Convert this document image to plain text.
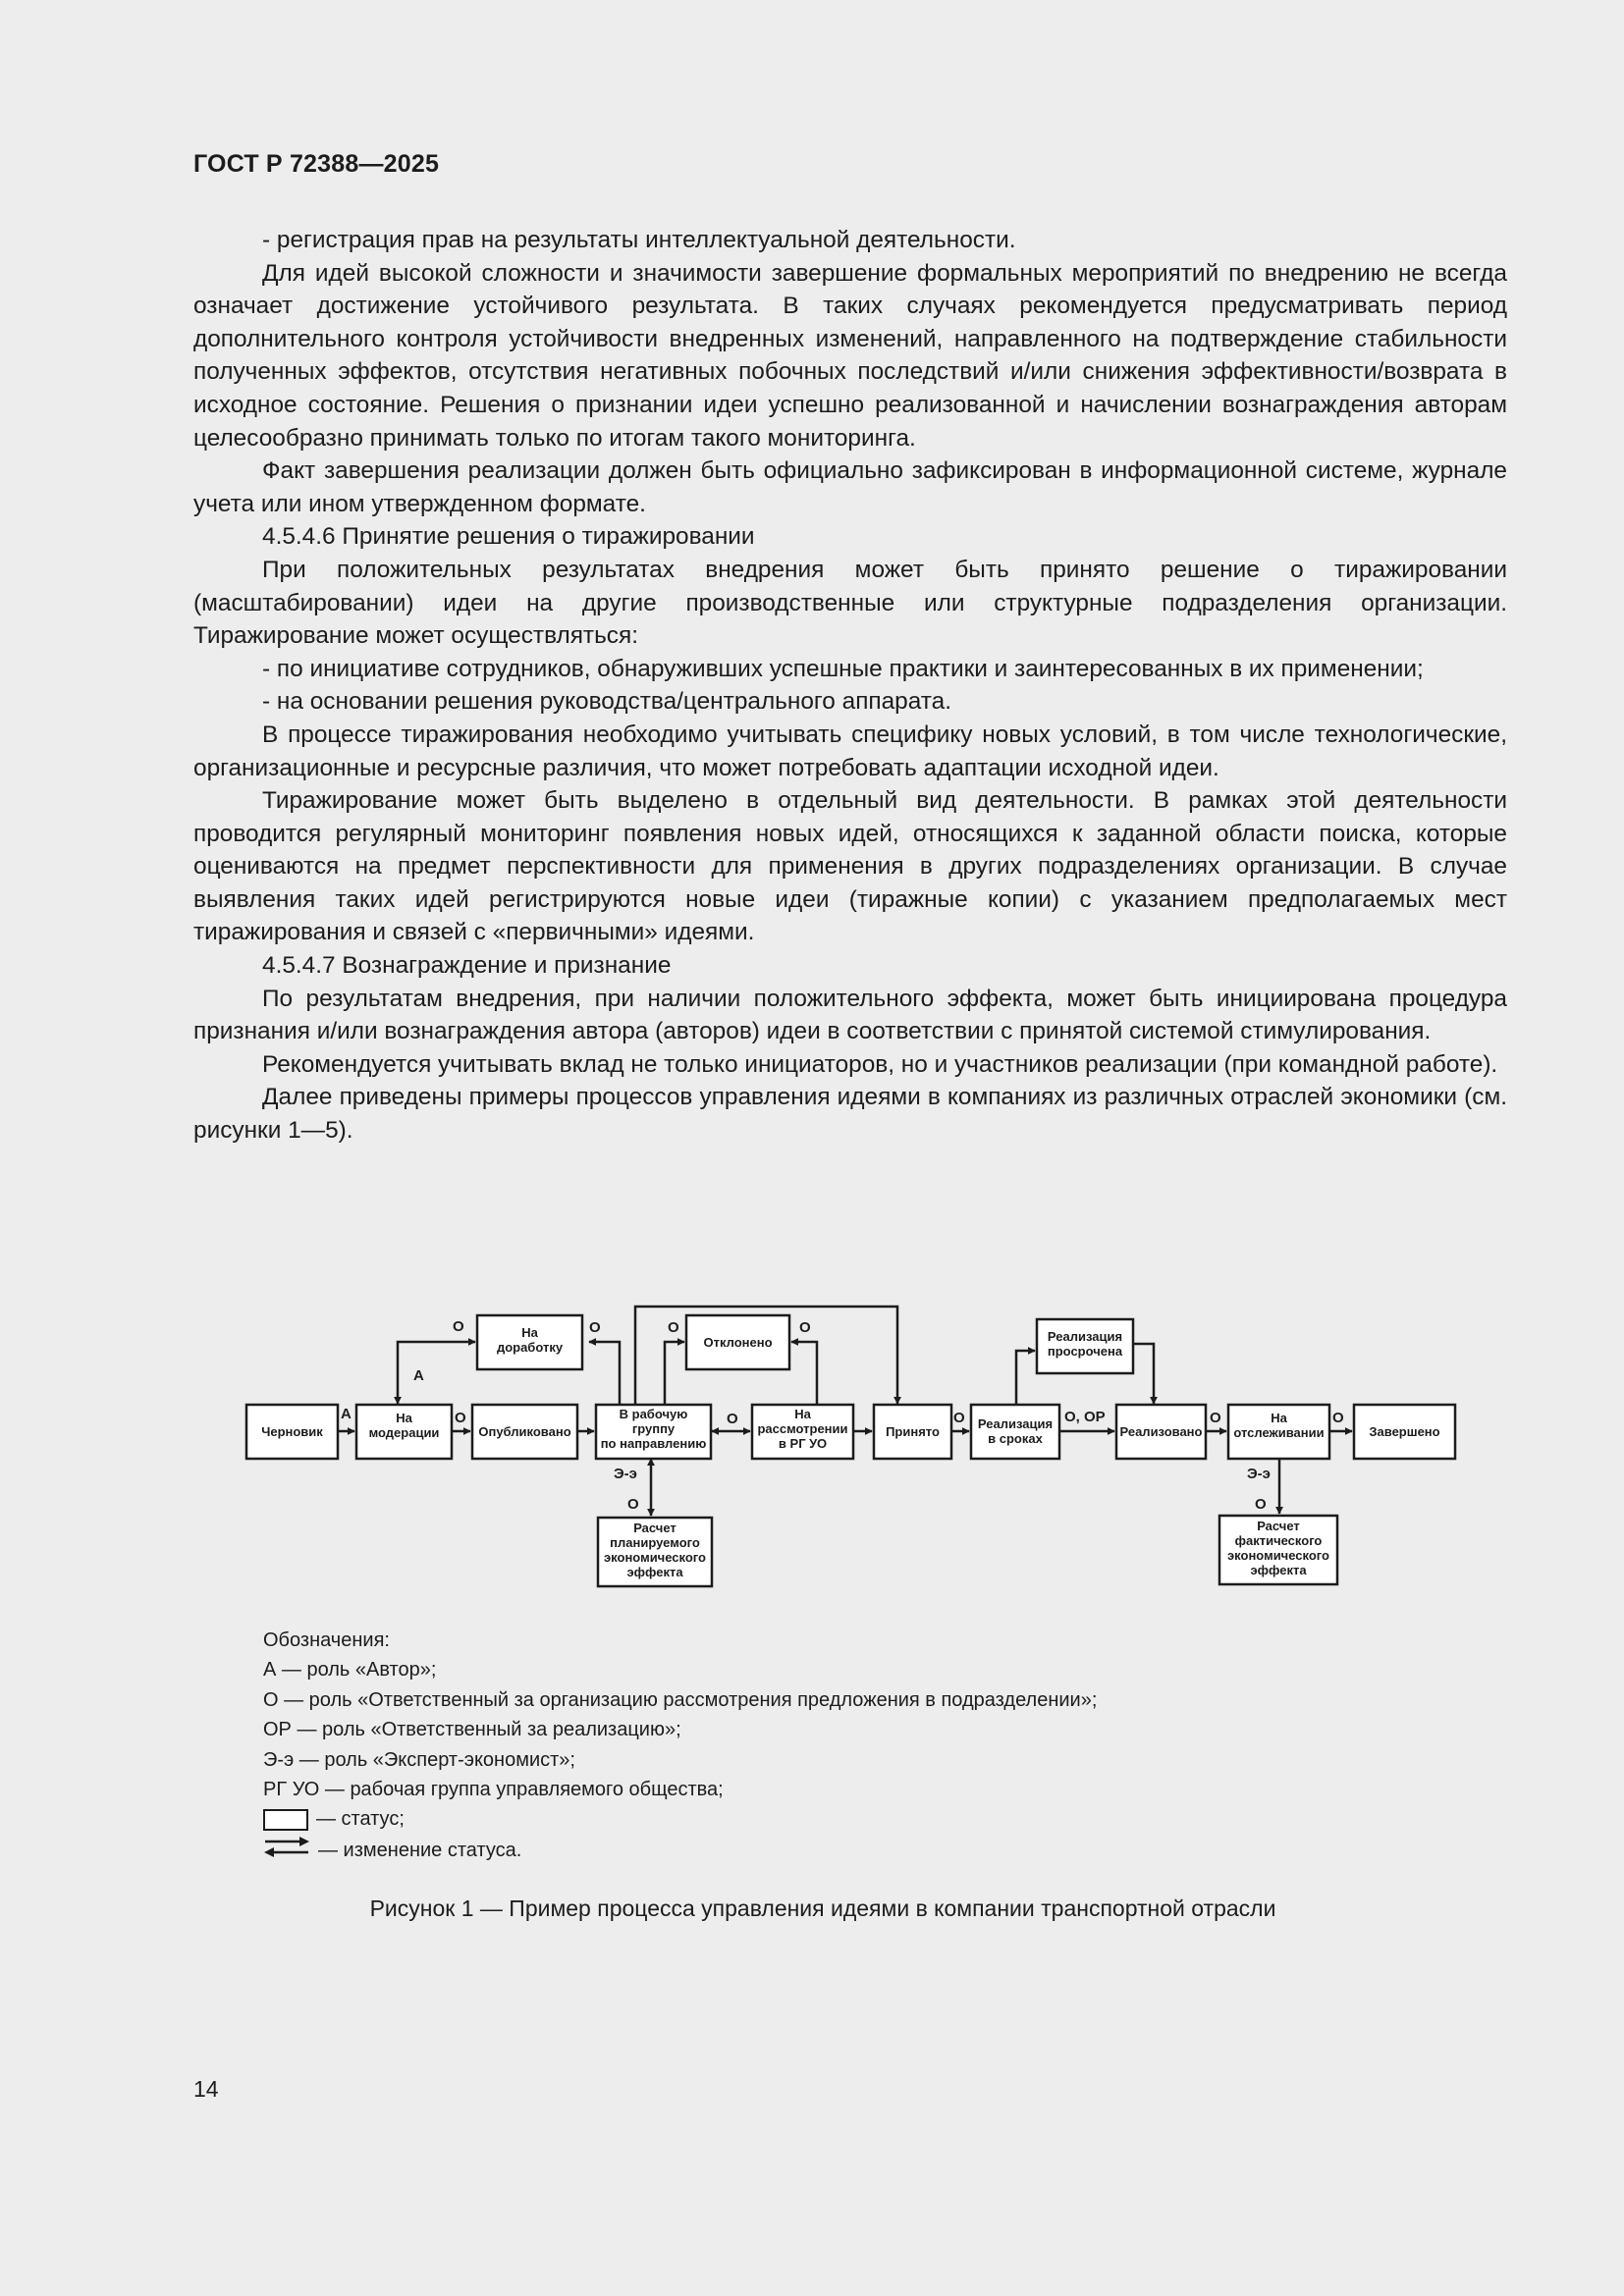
ГОСТ Р 72388—2025

- регистрация прав на результаты интеллектуальной деятельности.

Для идей высокой сложности и значимости завершение формальных мероприятий по внедрению не всегда означает достижение устойчивого результата. В таких случаях рекомендуется предусматривать период дополнительного контроля устойчивости внедренных изменений, направленного на подтверждение стабильности полученных эффектов, отсутствия негативных побочных последствий и/или снижения эффективности/возврата в исходное состояние. Решения о признании идеи успешно реализованной и начислении вознаграждения авторам целесообразно принимать только по итогам такого мониторинга.

Факт завершения реализации должен быть официально зафиксирован в информационной системе, журнале учета или ином утвержденном формате.

4.5.4.6 Принятие решения о тиражировании

При положительных результатах внедрения может быть принято решение о тиражировании (масштабировании) идеи на другие производственные или структурные подразделения организации. Тиражирование может осуществляться:

- по инициативе сотрудников, обнаруживших успешные практики и заинтересованных в их применении;

- на основании решения руководства/центрального аппарата.

В процессе тиражирования необходимо учитывать специфику новых условий, в том числе технологические, организационные и ресурсные различия, что может потребовать адаптации исходной идеи.

Тиражирование может быть выделено в отдельный вид деятельности. В рамках этой деятельности проводится регулярный мониторинг появления новых идей, относящихся к заданной области поиска, которые оцениваются на предмет перспективности для применения в других подразделениях организации. В случае выявления таких идей регистрируются новые идеи (тиражные копии) с указанием предполагаемых мест тиражирования и связей с «первичными» идеями.

4.5.4.7 Вознаграждение и признание

По результатам внедрения, при наличии положительного эффекта, может быть инициирована процедура признания и/или вознаграждения автора (авторов) идеи в соответствии с принятой системой стимулирования.

Рекомендуется учитывать вклад не только инициаторов, но и участников реализации (при командной работе).

Далее приведены примеры процессов управления идеями в компаниях из различных отраслей экономики (см. рисунки 1—5).

Черновик
На
модерации
На
доработку
Опубликовано
В рабочую
группу
по направлению
Отклонено
На
рассмотрении
в РГ УО
Принято
Расчет
планируемого
экономического
эффекта
Реализация
просрочена
Реализация
в сроках	Реализовано
На
отслеживании	Завершено
Расчет
фактического
экономического
эффекта
А
А
О	О
О
О	О
О	О	О, ОР	О	О
Э-э
О
Э-э
О
Обозначения:
А — роль «Автор»;
О — роль «Ответственный за организацию рассмотрения предложения в подразделении»;
ОР — роль «Ответственный за реализацию»;
Э-э — роль «Эксперт-экономист»;
РГ УО — рабочая группа управляемого общества;
— статус;
— изменение статуса.
Рисунок 1 — Пример процесса управления идеями в компании транспортной отрасли
14
